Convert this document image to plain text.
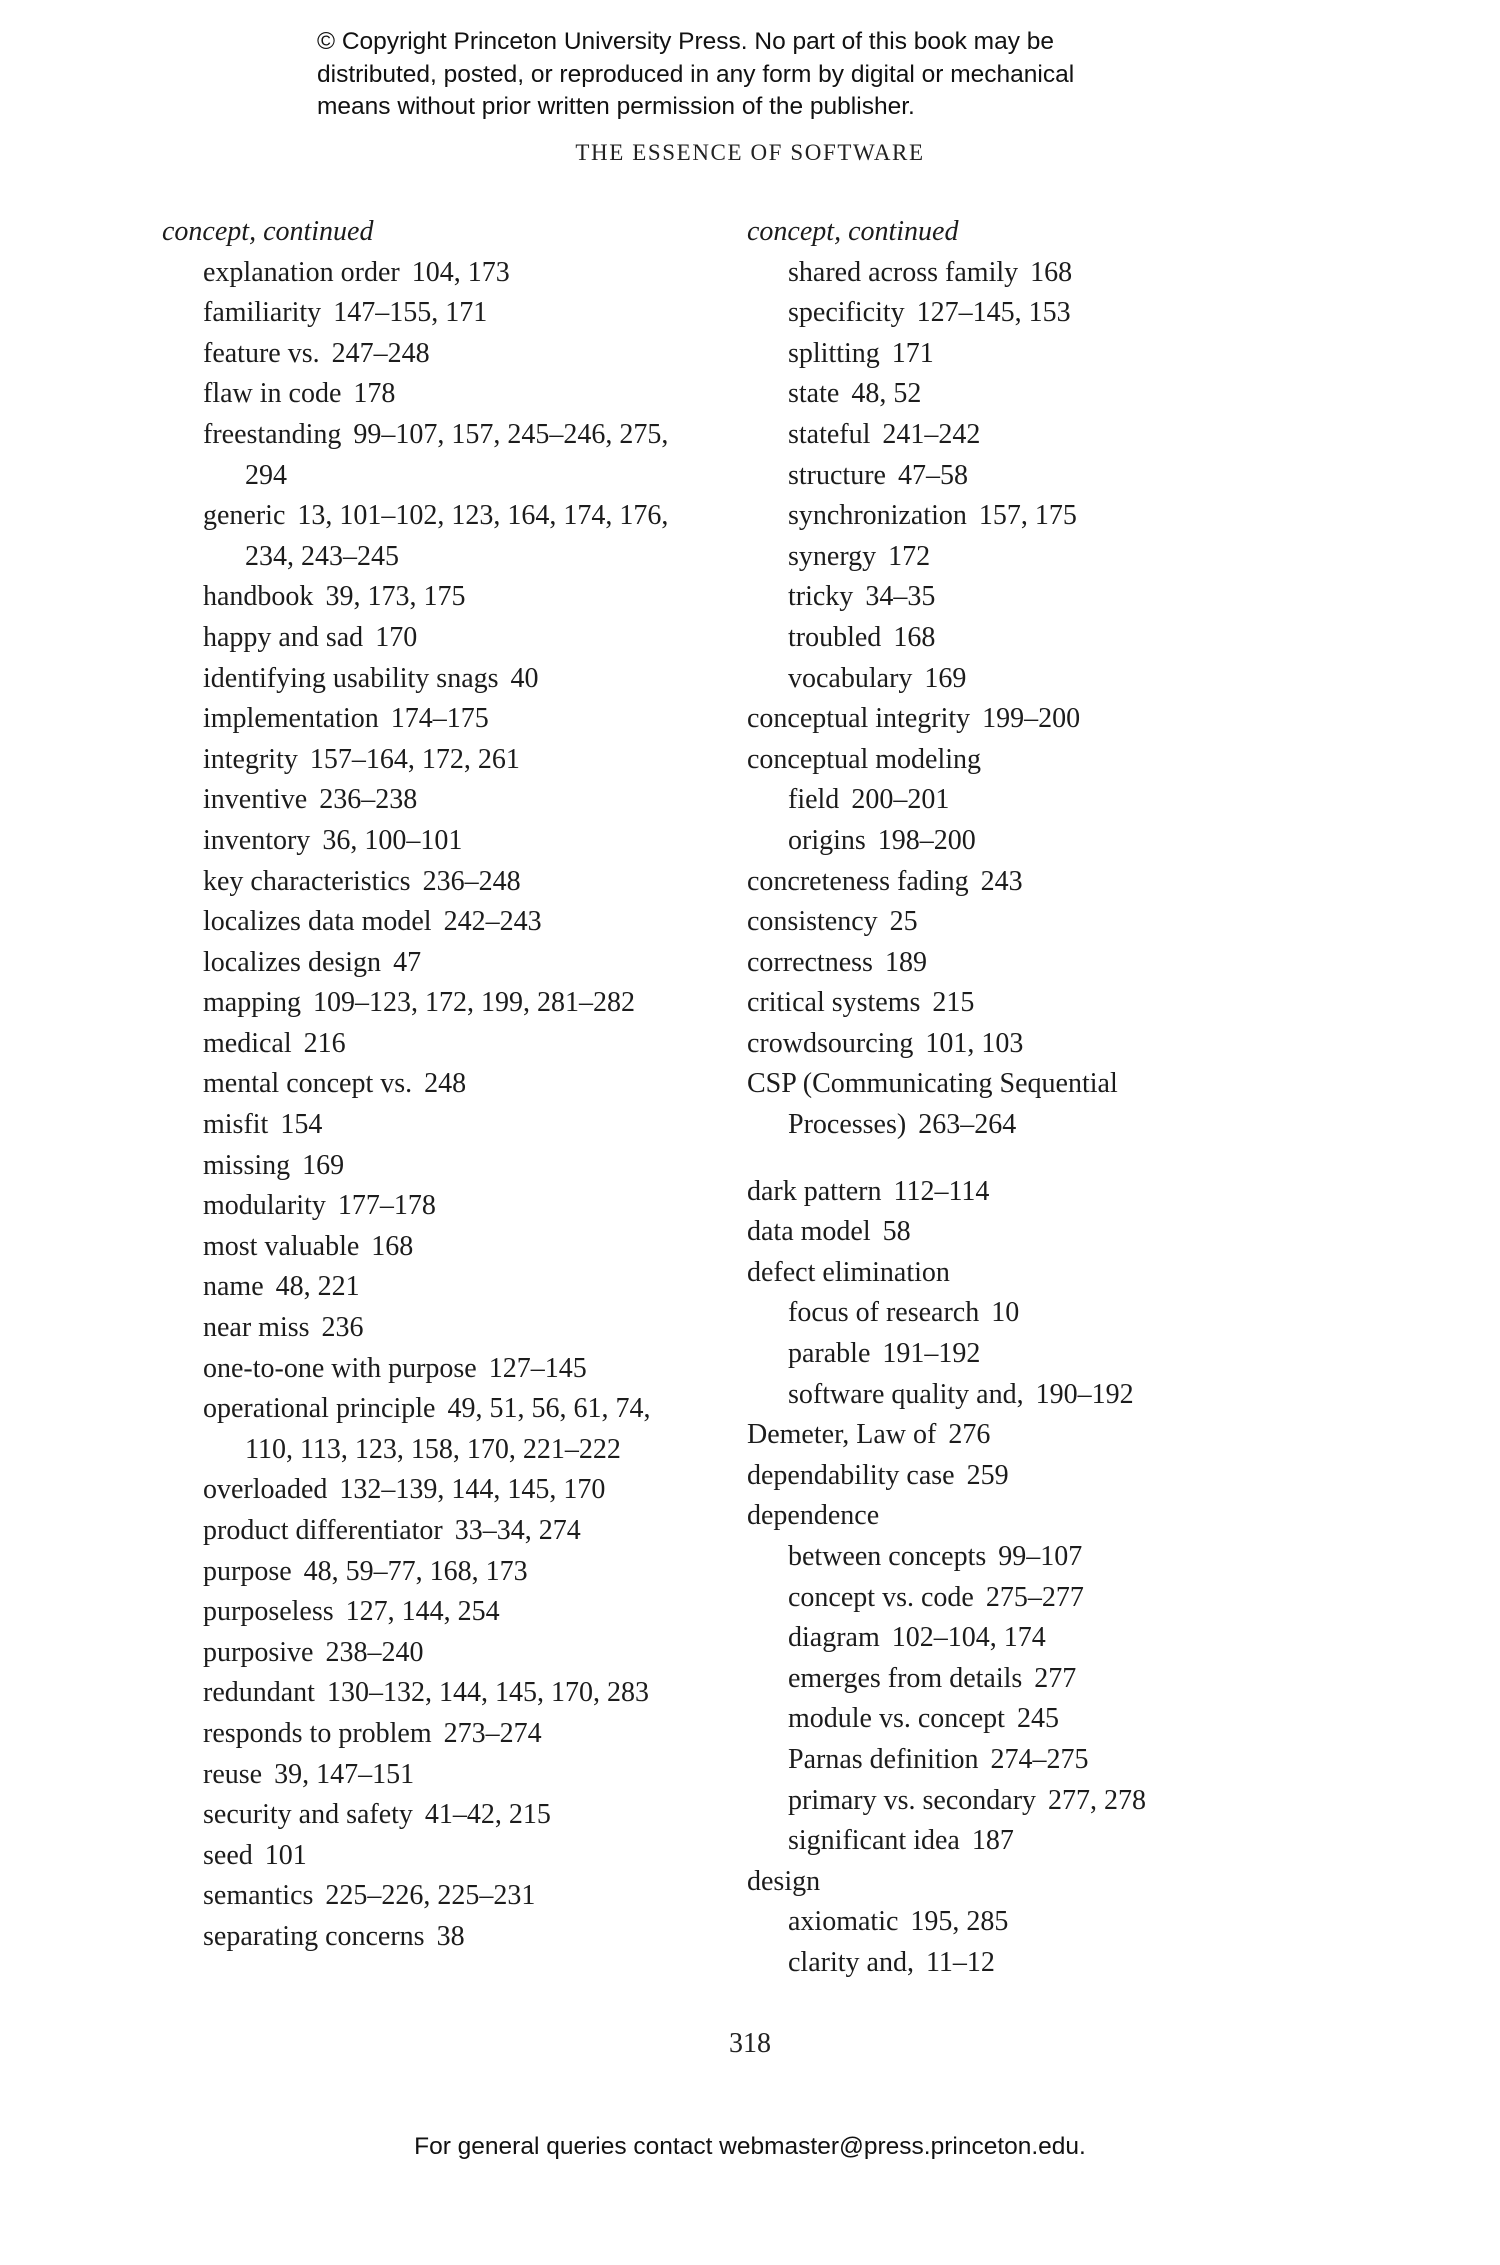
© Copyright Princeton University Press. No part of this book may be
distributed, posted, or reproduced in any form by digital or mechanical
means without prior written permission of the publisher.
THE ESSENCE OF SOFTWARE
concept, continued
explanation order 104, 173
familiarity 147–155, 171
feature vs. 247–248
flaw in code 178
freestanding 99–107, 157, 245–246, 275,
294
generic 13, 101–102, 123, 164, 174, 176,
234, 243–245
handbook 39, 173, 175
happy and sad 170
identifying usability snags 40
implementation 174–175
integrity 157–164, 172, 261
inventive 236–238
inventory 36, 100–101
key characteristics 236–248
localizes data model 242–243
localizes design 47
mapping 109–123, 172, 199, 281–282
medical 216
mental concept vs. 248
misfit 154
missing 169
modularity 177–178
most valuable 168
name 48, 221
near miss 236
one-to-one with purpose 127–145
operational principle 49, 51, 56, 61, 74,
110, 113, 123, 158, 170, 221–222
overloaded 132–139, 144, 145, 170
product differentiator 33–34, 274
purpose 48, 59–77, 168, 173
purposeless 127, 144, 254
purposive 238–240
redundant 130–132, 144, 145, 170, 283
responds to problem 273–274
reuse 39, 147–151
security and safety 41–42, 215
seed 101
semantics 225–226, 225–231
separating concerns 38
concept, continued
shared across family 168
specificity 127–145, 153
splitting 171
state 48, 52
stateful 241–242
structure 47–58
synchronization 157, 175
synergy 172
tricky 34–35
troubled 168
vocabulary 169
conceptual integrity 199–200
conceptual modeling
field 200–201
origins 198–200
concreteness fading 243
consistency 25
correctness 189
critical systems 215
crowdsourcing 101, 103
CSP (Communicating Sequential
Processes) 263–264
dark pattern 112–114
data model 58
defect elimination
focus of research 10
parable 191–192
software quality and, 190–192
Demeter, Law of 276
dependability case 259
dependence
between concepts 99–107
concept vs. code 275–277
diagram 102–104, 174
emerges from details 277
module vs. concept 245
Parnas definition 274–275
primary vs. secondary 277, 278
significant idea 187
design
axiomatic 195, 285
clarity and, 11–12
318
For general queries contact webmaster@press.princeton.edu.
